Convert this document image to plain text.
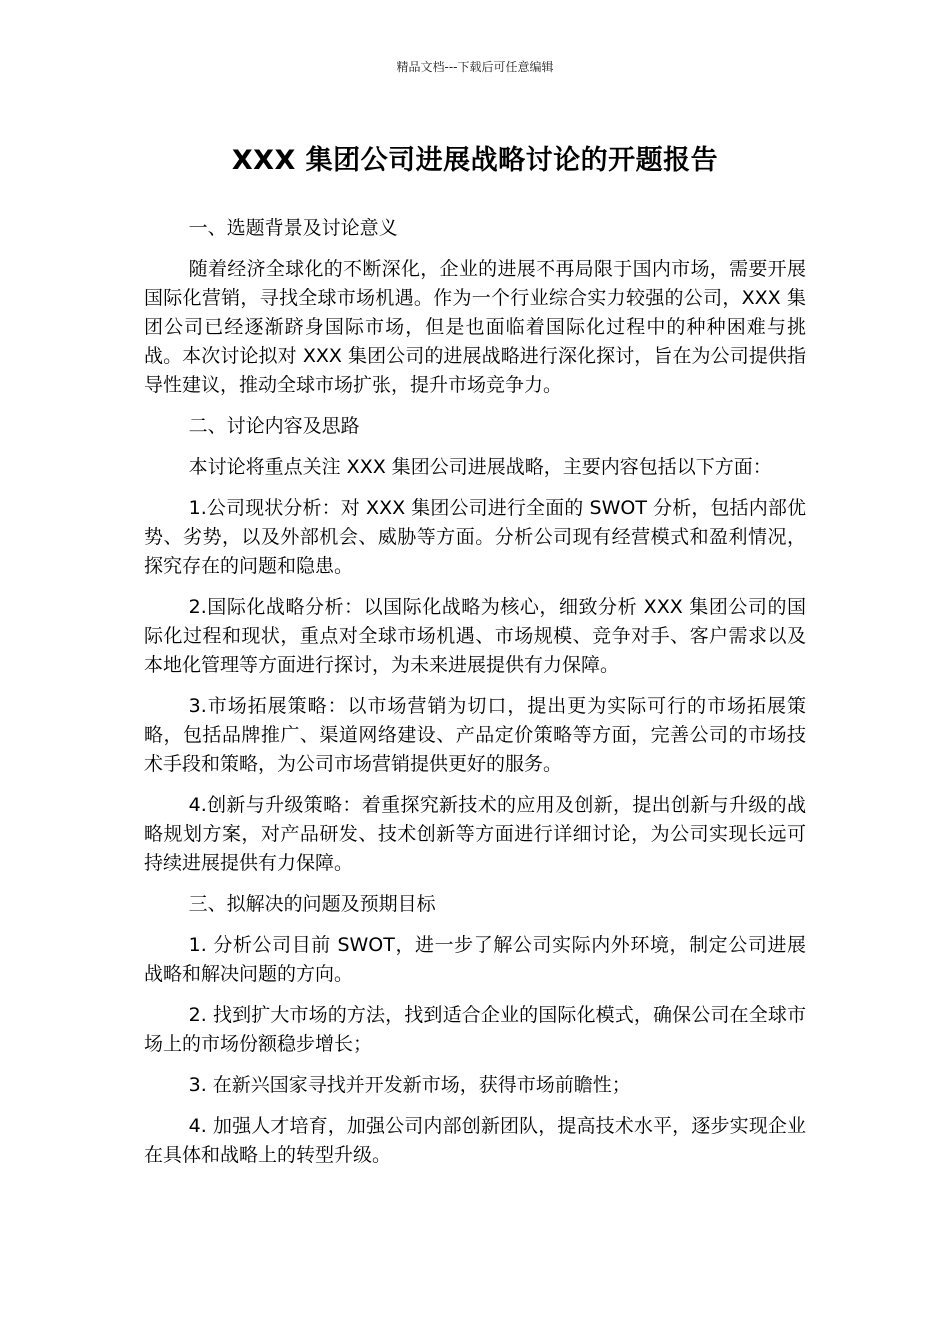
精品文档---下载后可任意编辑
XXX 集团公司进展战略讨论的开题报告

一、选题背景及讨论意义

随着经济全球化的不断深化，企业的进展不再局限于国内市场，需要开展国际化营销，寻找全球市场机遇。作为一个行业综合实力较强的公司，XXX 集团公司已经逐渐跻身国际市场，但是也面临着国际化过程中的种种困难与挑战。本次讨论拟对 XXX 集团公司的进展战略进行深化探讨，旨在为公司提供指导性建议，推动全球市场扩张，提升市场竞争力。

二、讨论内容及思路

本讨论将重点关注 XXX 集团公司进展战略，主要内容包括以下方面：

1.公司现状分析：对 XXX 集团公司进行全面的 SWOT 分析，包括内部优势、劣势，以及外部机会、威胁等方面。分析公司现有经营模式和盈利情况，探究存在的问题和隐患。

2.国际化战略分析：以国际化战略为核心，细致分析 XXX 集团公司的国际化过程和现状，重点对全球市场机遇、市场规模、竞争对手、客户需求以及本地化管理等方面进行探讨，为未来进展提供有力保障。

3.市场拓展策略：以市场营销为切口，提出更为实际可行的市场拓展策略，包括品牌推广、渠道网络建设、产品定价策略等方面，完善公司的市场技术手段和策略，为公司市场营销提供更好的服务。

4.创新与升级策略：着重探究新技术的应用及创新，提出创新与升级的战略规划方案，对产品研发、技术创新等方面进行详细讨论，为公司实现长远可持续进展提供有力保障。

三、拟解决的问题及预期目标

1. 分析公司目前 SWOT，进一步了解公司实际内外环境，制定公司进展战略和解决问题的方向。

2. 找到扩大市场的方法，找到适合企业的国际化模式，确保公司在全球市场上的市场份额稳步增长；

3. 在新兴国家寻找并开发新市场，获得市场前瞻性；

4. 加强人才培育，加强公司内部创新团队，提高技术水平，逐步实现企业在具体和战略上的转型升级。
